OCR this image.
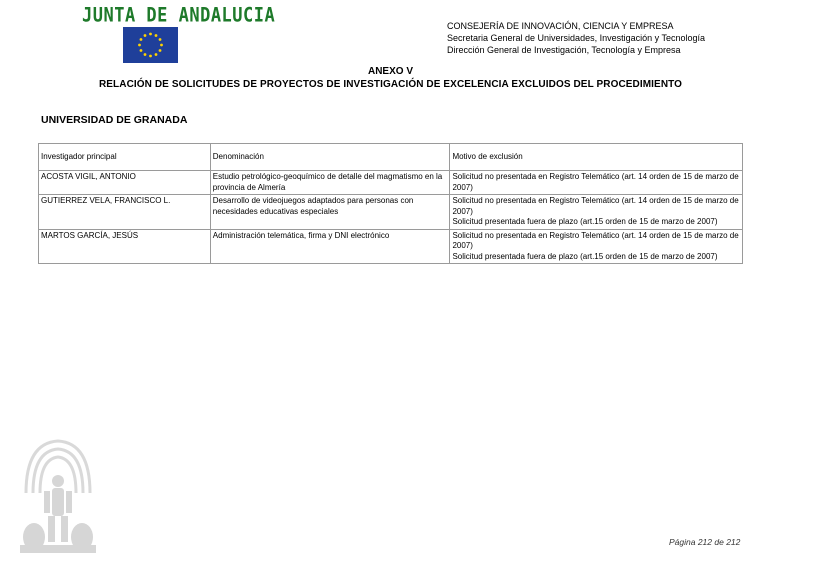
JUNTA DE ANDALUCIA	CONSEJERÍA DE INNOVACIÓN, CIENCIA Y EMPRESA
Secretaria General de Universidades, Investigación y Tecnología
Dirección General de Investigación, Tecnología y Empresa
ANEXO V
RELACIÓN DE SOLICITUDES DE PROYECTOS DE INVESTIGACIÓN DE EXCELENCIA EXCLUIDOS DEL PROCEDIMIENTO
UNIVERSIDAD DE GRANADA
Investigador principal	Denominación	Motivo de exclusión
ACOSTA VIGIL, ANTONIO	Estudio petrológico-geoquímico de detalle del magmatismo en la provincia de Almería	Solicitud no presentada en Registro Telemático (art. 14 orden de 15 de marzo de 2007)

GUTIERREZ VELA, FRANCISCO L.	Desarrollo de videojuegos adaptados para personas con necesidades educativas especiales	Solicitud no presentada en Registro Telemático (art. 14 orden de 15 de marzo de 2007)
Solicitud presentada fuera de plazo (art.15 orden de 15 de marzo de 2007)

MARTOS GARCÍA, JESÚS	Administración telemática, firma y DNI electrónico	Solicitud no presentada en Registro Telemático (art. 14 orden de 15 de marzo de 2007)
Solicitud presentada fuera de plazo (art.15 orden de 15 de marzo de 2007)
Página 212 de 212
